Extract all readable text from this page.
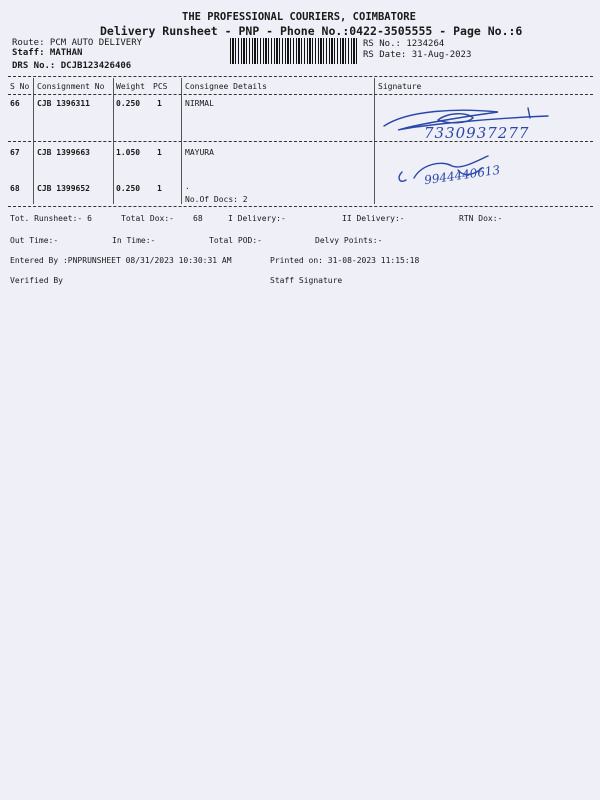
THE PROFESSIONAL COURIERS, COIMBATORE
Delivery Runsheet - PNP - Phone No.:0422-3505555 - Page No.:6
Route: PCM AUTO DELIVERY
Staff: MATHAN
DRS No.: DCJB123426406
RS No.: 1234264
RS Date: 31-Aug-2023
S No Consignment No Weight PCS Consignee Details	Signature
66 CJB 1396311	0.250 1	NIRMAL
67 CJB 1399663	1.050 1	MAYURA
68 CJB 1399652	0.250 1	.
No.Of Docs: 2
7330937277
9944440613
Tot. Runsheet:- 6	Total Dox:- 68	I Delivery:-	II Delivery:-	RTN Dox:-
Out Time:-	In Time:-	Total POD:-	Delvy Points:-
Entered By :PNPRUNSHEET 08/31/2023 10:30:31 AM	Printed on: 31-08-2023 11:15:18
Verified By	Staff Signature
